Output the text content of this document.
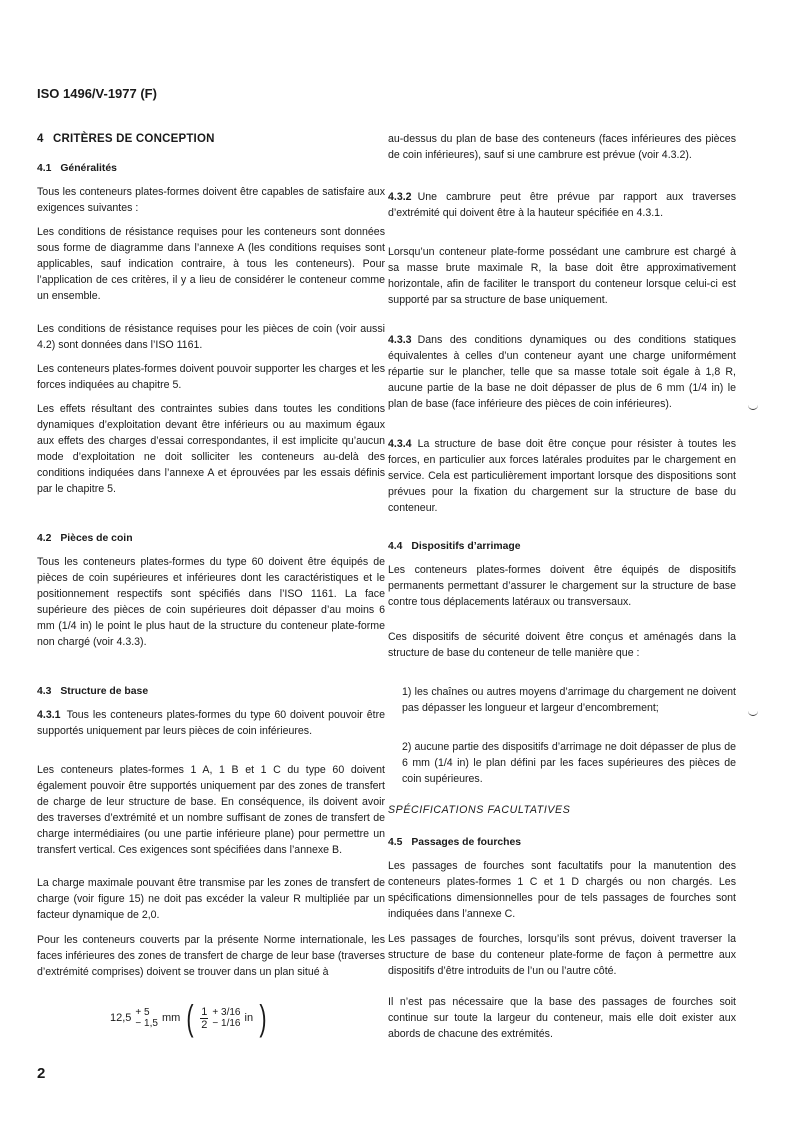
ISO 1496/V-1977 (F)
4 CRITÈRES DE CONCEPTION
4.1 Généralités
Tous les conteneurs plates-formes doivent être capables de satisfaire aux exigences suivantes :
Les conditions de résistance requises pour les conteneurs sont données sous forme de diagramme dans l’annexe A (les conditions requises sont applicables, sauf indication contraire, à tous les conteneurs). Pour l’application de ces critères, il y a lieu de considérer le conteneur comme un ensemble.
Les conditions de résistance requises pour les pièces de coin (voir aussi 4.2) sont données dans l’ISO 1161.
Les conteneurs plates-formes doivent pouvoir supporter les charges et les forces indiquées au chapitre 5.
Les effets résultant des contraintes subies dans toutes les conditions dynamiques d’exploitation devant être inférieurs ou au maximum égaux aux effets des charges d’essai correspondantes, il est implicite qu’aucun mode d’exploitation ne doit solliciter les conteneurs au-delà des conditions indiquées dans l’annexe A et éprouvées par les essais définis par le chapitre 5.
4.2 Pièces de coin
Tous les conteneurs plates-formes du type 60 doivent être équipés de pièces de coin supérieures et inférieures dont les caractéristiques et le positionnement respectifs sont spécifiés dans l’ISO 1161. La face supérieure des pièces de coin supérieures doit dépasser d’au moins 6 mm (1/4 in) le point le plus haut de la structure du conteneur plate-forme non chargé (voir 4.3.3).
4.3 Structure de base
4.3.1 Tous les conteneurs plates-formes du type 60 doivent pouvoir être supportés uniquement par leurs pièces de coin inférieures.
Les conteneurs plates-formes 1 A, 1 B et 1 C du type 60 doivent également pouvoir être supportés uniquement par des zones de transfert de charge de leur structure de base. En conséquence, ils doivent avoir des traverses d’extrémité et un nombre suffisant de zones de transfert de charge intermédiaires (ou une partie inférieure plane) pour permettre un transfert vertical. Ces exigences sont spécifiées dans l’annexe B.
La charge maximale pouvant être transmise par les zones de transfert de charge (voir figure 15) ne doit pas excéder la valeur R multipliée par un facteur dynamique de 2,0.
Pour les conteneurs couverts par la présente Norme internationale, les faces inférieures des zones de transfert de charge de leur base (traverses d’extrémité comprises) doivent se trouver dans un plan situé à
12,5 + 5
− 1,5 mm ( $\frac{1}{2} + 3/16$
− 1/16 in )
2
au-dessus du plan de base des conteneurs (faces inférieures des pièces de coin inférieures), sauf si une cambrure est prévue (voir 4.3.2).
4.3.2 Une cambrure peut être prévue par rapport aux traverses d’extrémité qui doivent être à la hauteur spécifiée en 4.3.1.
Lorsqu’un conteneur plate-forme possédant une cambrure est chargé à sa masse brute maximale R, la base doit être approximativement horizontale, afin de faciliter le transport du conteneur lorsque celui-ci est supporté par sa structure de base uniquement.
4.3.3 Dans des conditions dynamiques ou des conditions statiques équivalentes à celles d’un conteneur ayant une charge uniformément répartie sur le plancher, telle que sa masse totale soit égale à 1,8 R, aucune partie de la base ne doit dépasser de plus de 6 mm (1/4 in) le plan de base (face inférieure des pièces de coin inférieures).
4.3.4 La structure de base doit être conçue pour résister à toutes les forces, en particulier aux forces latérales produites par le chargement en service. Cela est particulièrement important lorsque des dispositions sont prévues pour la fixation du chargement sur la structure de base du conteneur.
4.4 Dispositifs d’arrimage
Les conteneurs plates-formes doivent être équipés de dispositifs permanents permettant d’assurer le chargement sur la structure de base contre tous déplacements latéraux ou transversaux.
Ces dispositifs de sécurité doivent être conçus et aménagés dans la structure de base du conteneur de telle manière que :
1) les chaînes ou autres moyens d’arrimage du chargement ne doivent pas dépasser les longueur et largeur d’encombrement;
2) aucune partie des dispositifs d’arrimage ne doit dépasser de plus de 6 mm (1/4 in) le plan défini par les faces supérieures des pièces de coin supérieures.
SPÉCIFICATIONS FACULTATIVES
4.5 Passages de fourches
Les passages de fourches sont facultatifs pour la manutention des conteneurs plates-formes 1 C et 1 D chargés ou non chargés. Les spécifications dimensionnelles pour de tels passages de fourches sont indiquées dans l’annexe C.
Les passages de fourches, lorsqu’ils sont prévus, doivent traverser la structure de base du conteneur plate-forme de façon à permettre aux dispositifs d’être introduits de l’un ou l’autre côté.
Il n’est pas nécessaire que la base des passages de fourches soit continue sur toute la largeur du conteneur, mais elle doit exister aux abords de chacune des extrémités.
